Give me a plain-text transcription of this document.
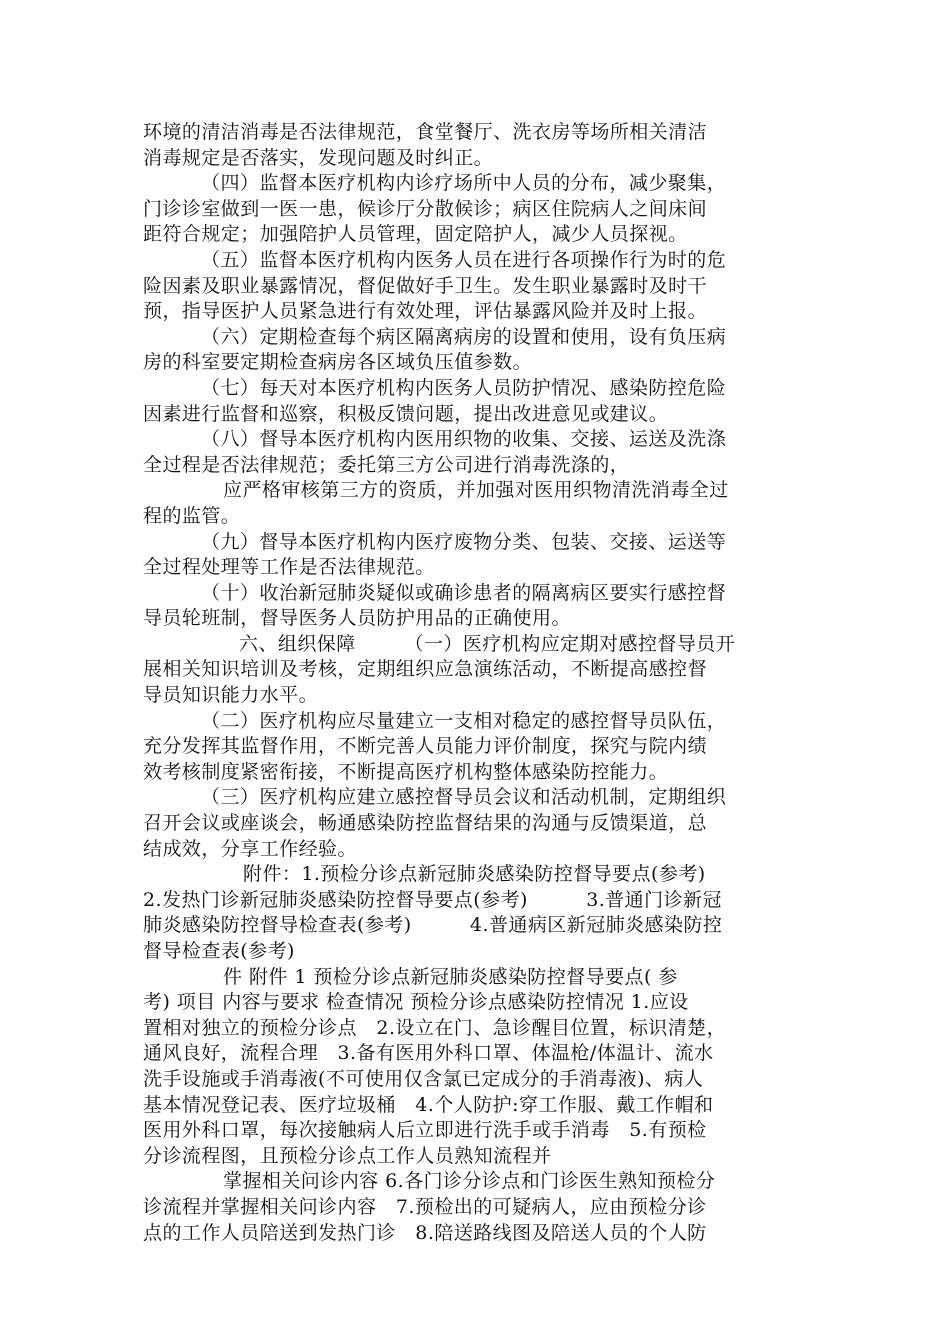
环境的清洁消毒是否法律规范，食堂餐厅、洗衣房等场所相关清洁
消毒规定是否落实，发现问题及时纠正。
（四）监督本医疗机构内诊疗场所中人员的分布，减少聚集，
门诊诊室做到一医一患，候诊厅分散候诊；病区住院病人之间床间
距符合规定；加强陪护人员管理，固定陪护人，减少人员探视。
（五）监督本医疗机构内医务人员在进行各项操作行为时的危
险因素及职业暴露情况，督促做好手卫生。发生职业暴露时及时干
预，指导医护人员紧急进行有效处理，评估暴露风险并及时上报。
（六）定期检查每个病区隔离病房的设置和使用，设有负压病
房的科室要定期检查病房各区域负压值参数。
（七）每天对本医疗机构内医务人员防护情况、感染防控危险
因素进行监督和巡察，积极反馈问题，提出改进意见或建议。
（八）督导本医疗机构内医用织物的收集、交接、运送及洗涤
全过程是否法律规范；委托第三方公司进行消毒洗涤的，
应严格审核第三方的资质，并加强对医用织物清洗消毒全过
程的监管。
（九）督导本医疗机构内医疗废物分类、包装、交接、运送等
全过程处理等工作是否法律规范。
（十）收治新冠肺炎疑似或确诊患者的隔离病区要实行感控督
导员轮班制，督导医务人员防护用品的正确使用。
六、组织保障　　　（一）医疗机构应定期对感控督导员开
展相关知识培训及考核，定期组织应急演练活动，不断提高感控督
导员知识能力水平。
（二）医疗机构应尽量建立一支相对稳定的感控督导员队伍，
充分发挥其监督作用，不断完善人员能力评价制度，探究与院内绩
效考核制度紧密衔接，不断提高医疗机构整体感染防控能力。
（三）医疗机构应建立感控督导员会议和活动机制，定期组织
召开会议或座谈会，畅通感染防控监督结果的沟通与反馈渠道，总
结成效，分享工作经验。
附件：1.预检分诊点新冠肺炎感染防控督导要点(参考)
2.发热门诊新冠肺炎感染防控督导要点(参考)　　　3.普通门诊新冠
肺炎感染防控督导检查表(参考)　　　4.普通病区新冠肺炎感染防控
督导检查表(参考)
件 附件 1 预检分诊点新冠肺炎感染防控督导要点( 参
考) 项目 内容与要求 检查情况 预检分诊点感染防控情况 1.应设
置相对独立的预检分诊点　2.设立在门、急诊醒目位置，标识清楚，
通风良好，流程合理　3.备有医用外科口罩、体温枪/体温计、流水
洗手设施或手消毒液(不可使用仅含氯已定成分的手消毒液)、病人
基本情况登记表、医疗垃圾桶　4.个人防护:穿工作服、戴工作帽和
医用外科口罩，每次接触病人后立即进行洗手或手消毒　5.有预检
分诊流程图，且预检分诊点工作人员熟知流程并
掌握相关问诊内容 6.各门诊分诊点和门诊医生熟知预检分
诊流程并掌握相关问诊内容　7.预检出的可疑病人，应由预检分诊
点的工作人员陪送到发热门诊　8.陪送路线图及陪送人员的个人防
